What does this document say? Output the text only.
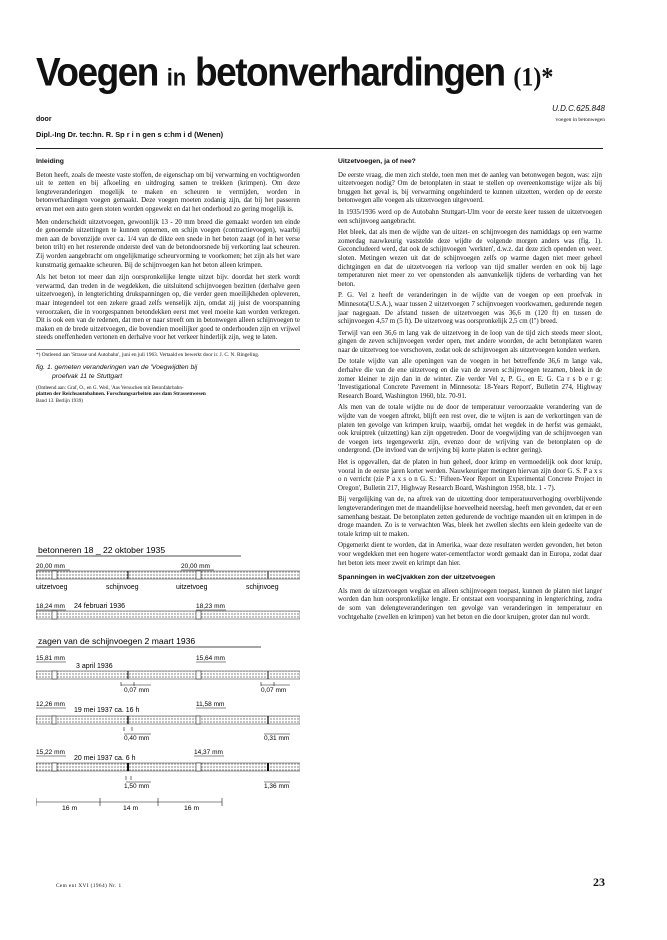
Voegen in betonverhardingen (1)*
U.D.C.625.848
door	voegen in betonwegen
Dipl.-Ing Dr. tec:hn. R. Sp r i n gen s c:hm i d (Wenen)
Inleiding

Beton heeft, zoals de meeste vaste stoffen, de eigenschap om bij verwarming en vochtigworden uit te zetten en bij afkoeling en uitdroging samen te trekken (krimpen). Om deze lengteveranderingen mogelijk te maken en scheuren te vermijden, worden in betonverhardingen voegen gemaakt. Deze voegen moeten zodanig zijn, dat bij het passeren ervan met een auto geen stoten worden opgewekt en dat het onderhoud zo gering mogelijk is.

Men onderscheidt uitzetvoegen, gewoonlijk 13 - 20 mm breed die gemaakt worden ten einde de genoemde uitzettingen te kunnen opnemen, en schijn voegen (contractievoegen), waarbij men aan de bovenzijde over ca. 1/4 van de dikte een snede in het beton zaagt (of in het verse beton trilt) en het resterende onderste deel van de betondoorsnede bij verkorting laat scheuren. Zij worden aangebracht om ongelijkmatige scheurvorming te voorkomen; het zijn als het ware kunstmatig gemaakte scheuren. Bij de schijnvoegen kan het beton alleen krimpen.

Als het beton tot meer dan zijn oorspronkelijke lengte uitzet bijv. doordat het sterk wordt verwarmd, dan treden in de wegdekken, die uitsluitend schijnvoegen bezitten (derhalve geen uitzetvoegen), in lengterichting drukspanningen op, die verder geen moeilijkheden opleveren, maar integendeel tot een zekere graad zelfs wenselijk zijn, omdat zij juist de voorspanning veroorzaken, die in voorgespannen betondekken eerst met veel moeite kan worden verkregen. Dit is ook een van de redenen, dat men er naar streeft om in betonwegen alleen schijnvoegen te maken en de brede uitzetvoegen, die bovendien moeilijker goed te onderhouden zijn en vrijwel steeds oneffenheden vertonen en derhalve voor het verkeer hinderlijk zijn, weg te laten.

*) Ontleend aan 'Strasse und Autobahn', juni en juli 1963. Vertaald en bewerkt door ir. J. C. N. Ringeling.

fig. 1. gemeten veranderingen van de 'Voegwijdten bij
proefvak 11 te Stuttgart

(Ontleend aan: Graf, O., en G. Weil, 'Aas Versuchen mit Betonfahrbahn-
platten der Reichsautobahnen. Forschungsarbeiten aus dam Strassenwesen
Band 13. Berlijn 1939)

betonneren 18 _ 22 oktober 1935
20,00 mm	20,00 mm
uitzetvoeg	schijnvoeg	uitzetvoeg	schijnvoeg
18,24 mm 24 februari 1936	18,23 mm
zagen van de schijnvoegen 2 maart 1936
15,81 mm
3 april 1936
15,64 mm
0,07 mm	0,07 mm
12,26 mm
19 mei 1937 ca. 16 h
11,58 mm
0,40 mm	0,31 mm
15,22 mm
20 mei 1937 ca. 6 h
14,37 mm
1,50 mm	1,36 mm
16 m	14 m	16 m
Uitzetvoegen, ja of nee?

De eerste vraag, die men zich stelde, toen men met de aanleg van betonwegen begon, was: zijn uitzetvoegen nodig? Om de betonplaten in staat te stellen op overeenkomstige wijze als bij bruggen het geval is, bij verwarming ongehinderd te kunnen uitzetten, werden op de eerste betonwegen alle voegen als uitzetvoegen uitgevoerd.

In 1935/1936 werd op de Autobahn Stuttgart-Ulm voor de eerste keer tussen de uitzetvoegen een schijnvoeg aangebracht.

Het bleek, dat als men de wijdte van de uitzet- en schijnvoegen des namiddags op een warme zomerdag nauwkeurig vaststelde deze wijdte de volgende morgen anders was (fig. 1). Geconcludeerd werd, dat ook de schijnvoegen 'werkten', d.w.z. dat deze zich openden en weer. sloten. Metingen wezen uit dat de schijnvoegen zelfs op warme dagen niet meer geheel dichtgingen en dat de uitzetvoegen ria verloop van tijd smaller werden en ook bij lage temperaturen niet meer zo ver openstonden als aanvankelijk tijdens de verharding van het beton.

P. G. Vel z heeft de veranderingen in de wijdte van de voegen op een proefvak in Minnesota(U.S.A.), waar tussen 2 uitzetvoegen 7 schijnvoegen voorkwamen, gedurende negen jaar nagegaan. De afstand tussen de uitzetvoegen was 36,6 m (120 ft) en tussen de schijnvoegen 4,57 m (5 ft). De uitzetvoeg was oorspronkelijk 2,5 cm (l") breed.

Terwijl van een 36,6 m lang vak de uitzetvoeg in de loop van de tijd zich steeds meer sloot, gingen de zeven schijnvoegen verder open, met andere woorden, de acht betonplaten waren naar de uitzetvoeg toe verschoven, zodat ook de schijnvoegen als uitzetvoegen konden werken.

De totale wijdte van alle openingen van de voegen in het betreffende 36,6 m lange vak, derhalve die van de ene uitzetvoeg en die van de zeven sc:hijnvoegen tezamen, bleek in de zomer kleiner te zijn dan in de winter. Zie verder Vel z, P. G., en E. G. Ca r s b e r g: 'Investigational Concrete Pavement in Minnesota: 18-Years Report', Bulletin 274, Highway Research Board, Washington 1960, blz. 70-91.

Als men van de totale wijdte nu de door de temperatuur veroorzaakte verandering van de wijdte van de voegen aftrekt, blijft een rest over, die te wijten is aan de verkortingen van de platen ten gevolge van krimpen kruip, waarbij, omdat het wegdek in de herfst was gemaakt, ook kruiptrek (uitzetting) kan zijn opgetreden. Door de voegwijding van de schijnvoegen van de voegen iets tegengewerkt zijn, evenzo door de wrijving van de betonplaten op de ondergrond. (De invloed van de wrijving bij korte platen is echter gering).

Het is opgevallen, dat de platen in hun geheel, door krimp en vermoedelijk ook door kruip, vooral in de eerste jaren korter werden. Nauwkeuriger metingen hiervan zijn door G. S. P a x s o n verricht (zie P a x s o n G. S.: 'Fifteen-Yeor Report on Experimental Concrete Project in Oregon', Bulletin 217, Highway Research Board, Washington 1958, blz. 1 - 7).

Bij vergelijking van de, na aftrek van de uitzetting door temperatuurverhoging overblijvende lengteveranderingen met de maandelijkse hoeveelheid neerslag, heeft men gevonden, dat er een samenhang bestaat. De betonplaten zetten gedurende de vochtige maanden uit en krimpen in de droge maanden. Zo is te verwachten Was, bleek het zwellen slechts een klein gedeelte van de totale krimp uit te maken.

Opgemerkt dient te worden, dat in Amerika, waar deze resultaten werden gevonden, het beton voor wegdekken met een hogere water-cementfactor wordt gemaakt dan in Europa, zodat daar het beton iets meer zweit en krimpt dan hier.

Spanningen in weCjvakken zon der uitzetvoegen

Als men de uitzetvoegen weglaat en alleen schijnvoegen toepast, kunnen de platen niet langer worden dan hun oorspronkelijke lengte. Er ontstaat een voorspanning in lengterichting, zodra de som van delengteveranderingen ten gevolge van veranderingen in temperatuur en vochtgehalte (zwellen en krimpen) van het beton en die door kruipen, groter dan nul wordt.

Cem ent XVI (1964) Nr. 1	23
